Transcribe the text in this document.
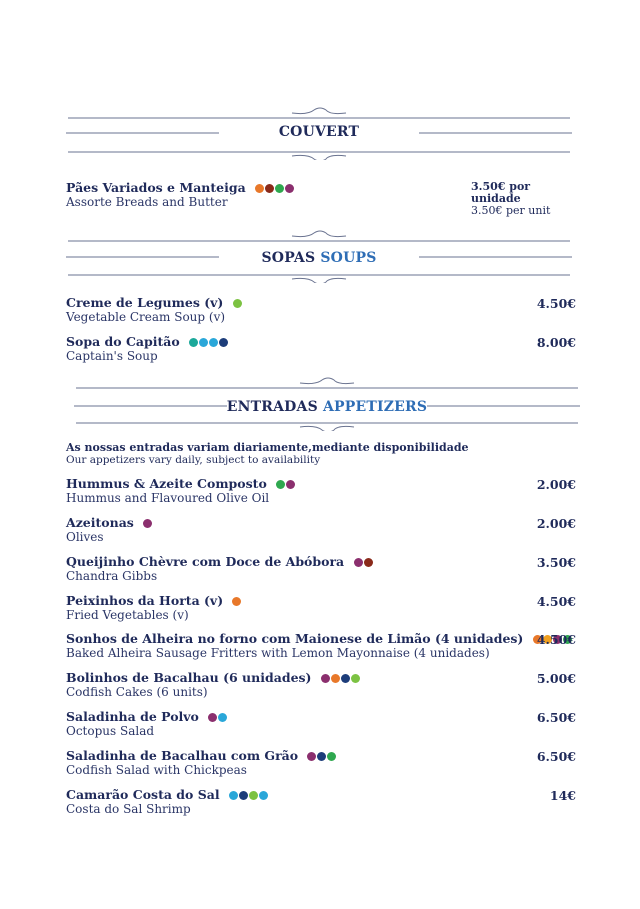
COUVERT
Pães Variados e Manteiga
Assorte Breads and Butter
3.50€ por unidade
3.50€ per unit
SOPAS SOUPS
Creme de Legumes (v)
Vegetable Cream Soup (v)
4.50€
Sopa do Capitão
Captain's Soup
8.00€
ENTRADAS APPETIZERS
As nossas entradas variam diariamente,mediante disponibilidade
Our appetizers vary daily, subject to availability
Hummus & Azeite Composto
Hummus and Flavoured Olive Oil
2.00€
Azeitonas
Olives
2.00€
Queijinho Chèvre com Doce de Abóbora
Chandra Gibbs
3.50€
Peixinhos da Horta (v)
Fried Vegetables (v)
4.50€
Sonhos de Alheira no forno com Maionese de Limão (4 unidades)
Baked Alheira Sausage Fritters with Lemon Mayonnaise (4 unidades)
4.50€
Bolinhos de Bacalhau (6 unidades)
Codfish Cakes (6 units)
5.00€
Saladinha de Polvo
Octopus Salad
6.50€
Saladinha de Bacalhau com Grão
Codfish Salad with Chickpeas
6.50€
Camarão Costa do Sal
Costa do Sal Shrimp
14€
